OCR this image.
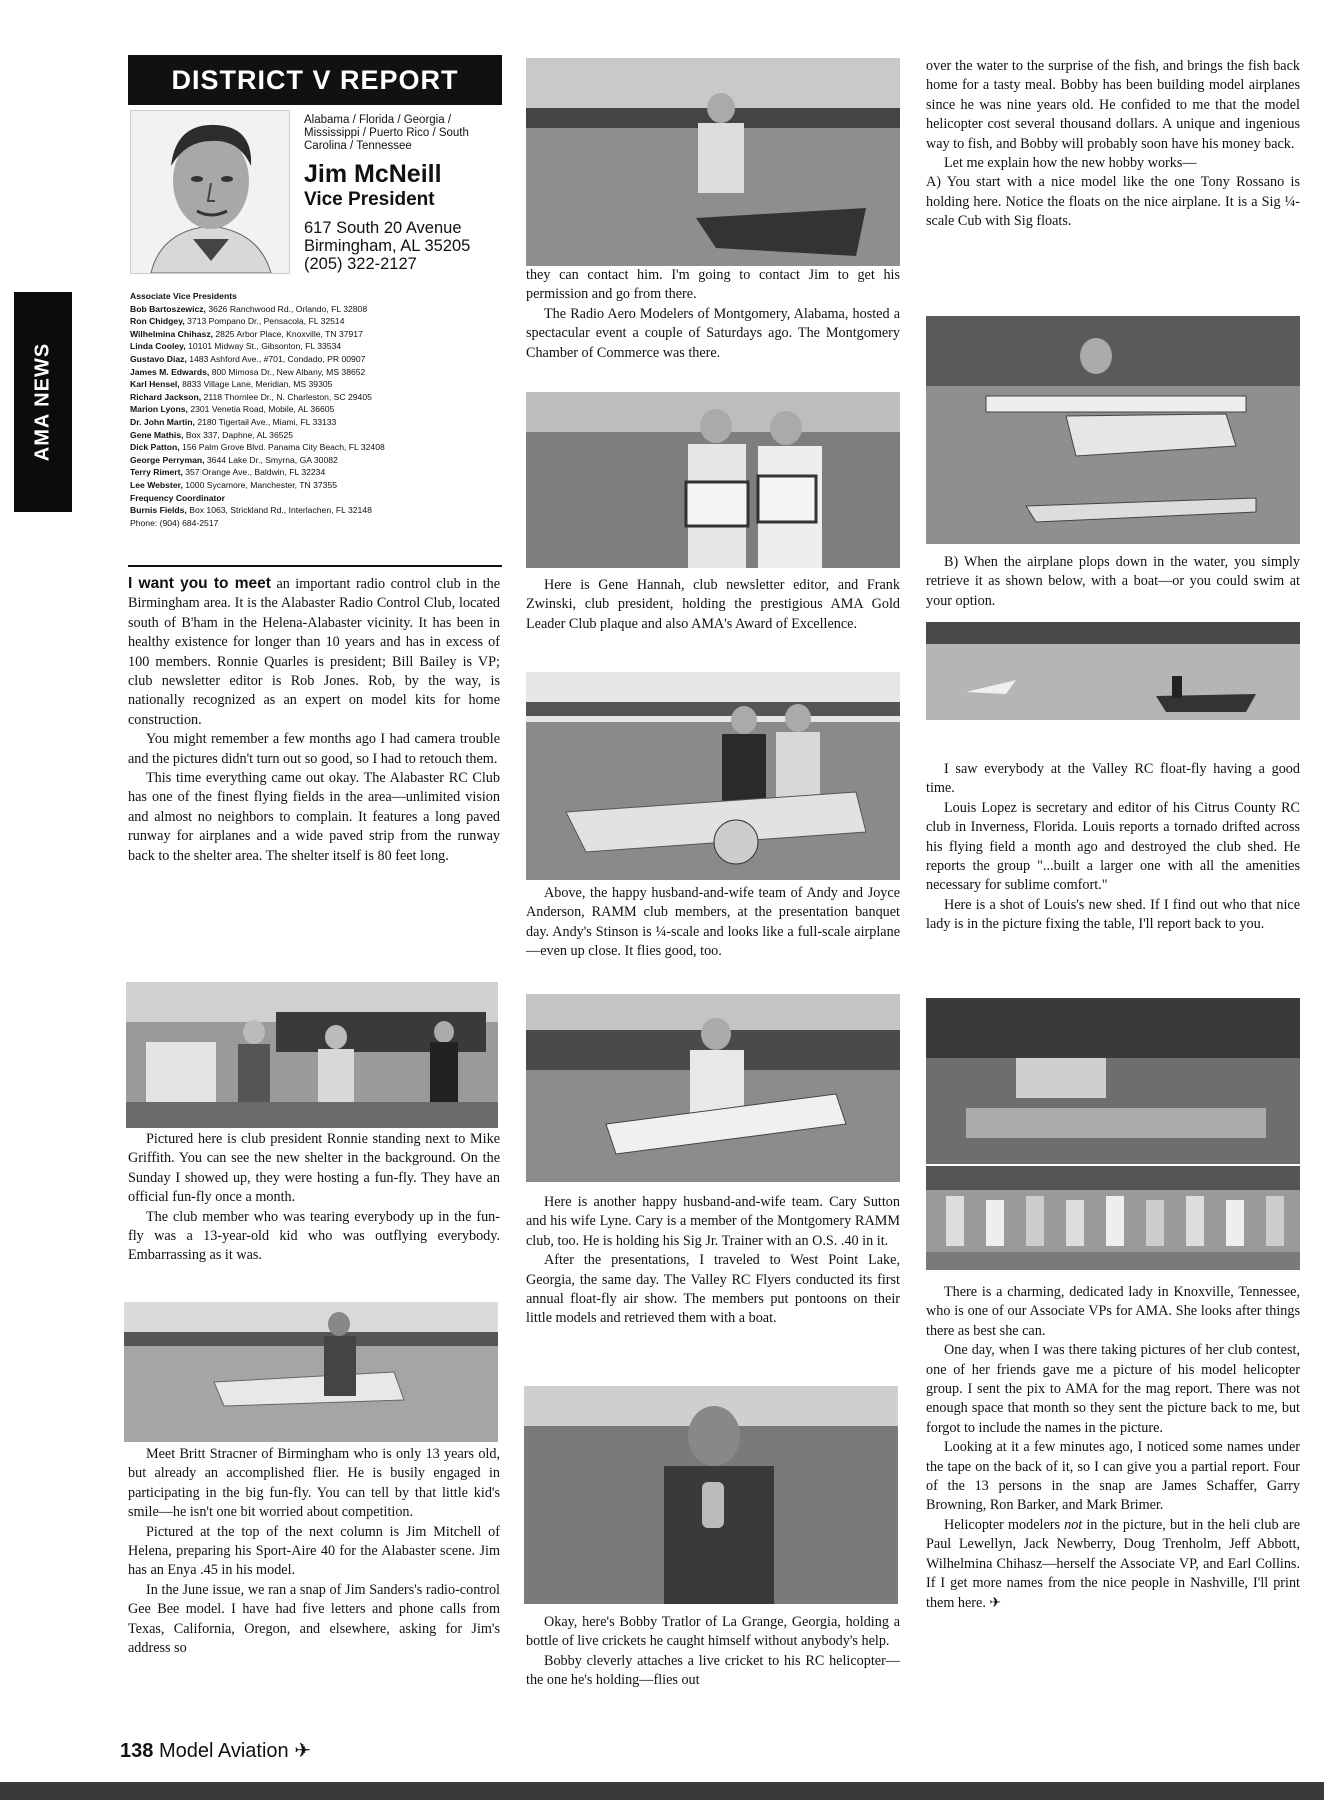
AMA NEWS
DISTRICT V REPORT
Alabama / Florida / Georgia / Mississippi / Puerto Rico / South Carolina / Tennessee
Jim McNeill
Vice President
617 South 20 Avenue
Birmingham, AL 35205
(205) 322-2127
Associate Vice Presidents
Bob Bartoszewicz, 3626 Ranchwood Rd., Orlando, FL 32808
Ron Chidgey, 3713 Pompano Dr., Pensacola, FL 32514
Wilhelmina Chihasz, 2825 Arbor Place, Knoxville, TN 37917
Linda Cooley, 10101 Midway St., Gibsonton, FL 33534
Gustavo Diaz, 1483 Ashford Ave., #701, Condado, PR 00907
James M. Edwards, 800 Mimosa Dr., New Albany, MS 38652
Karl Hensel, 8833 Village Lane, Meridian, MS 39305
Richard Jackson, 2118 Thornlee Dr., N. Charleston, SC 29405
Marion Lyons, 2301 Venetia Road, Mobile, AL 36605
Dr. John Martin, 2180 Tigertail Ave., Miami, FL 33133
Gene Mathis, Box 337, Daphne, AL 36525
Dick Patton, 156 Palm Grove Blvd. Panama City Beach, FL 32408
George Perryman, 3644 Lake Dr., Smyrna, GA 30082
Terry Rimert, 357 Orange Ave., Baldwin, FL 32234
Lee Webster, 1000 Sycamore, Manchester, TN 37355
Frequency Coordinator
Burnis Fields, Box 1063, Strickland Rd., Interlachen, FL 32148
Phone: (904) 684-2517

I want you to meet an important radio control club in the Birmingham area. It is the Alabaster Radio Control Club, located south of B'ham in the Helena-Alabaster vicinity. It has been in healthy existence for longer than 10 years and has in excess of 100 members. Ronnie Quarles is president; Bill Bailey is VP; club newsletter editor is Rob Jones. Rob, by the way, is nationally recognized as an expert on model kits for home construction.

You might remember a few months ago I had camera trouble and the pictures didn't turn out so good, so I had to retouch them.

This time everything came out okay. The Alabaster RC Club has one of the finest flying fields in the area—unlimited vision and almost no neighbors to complain. It features a long paved runway for airplanes and a wide paved strip from the runway back to the shelter area. The shelter itself is 80 feet long.

Pictured here is club president Ronnie standing next to Mike Griffith. You can see the new shelter in the background. On the Sunday I showed up, they were hosting a fun-fly. They have an official fun-fly once a month.

The club member who was tearing everybody up in the fun-fly was a 13-year-old kid who was outflying everybody. Embarrassing as it was.

Meet Britt Stracner of Birmingham who is only 13 years old, but already an accomplished flier. He is busily engaged in participating in the big fun-fly. You can tell by that little kid's smile—he isn't one bit worried about competition.

Pictured at the top of the next column is Jim Mitchell of Helena, preparing his Sport-Aire 40 for the Alabaster scene. Jim has an Enya .45 in his model.

In the June issue, we ran a snap of Jim Sanders's radio-control Gee Bee model. I have had five letters and phone calls from Texas, California, Oregon, and elsewhere, asking for Jim's address so

they can contact him. I'm going to contact Jim to get his permission and go from there.

The Radio Aero Modelers of Montgomery, Alabama, hosted a spectacular event a couple of Saturdays ago. The Montgomery Chamber of Commerce was there.

Here is Gene Hannah, club newsletter editor, and Frank Zwinski, club president, holding the prestigious AMA Gold Leader Club plaque and also AMA's Award of Excellence.

Above, the happy husband-and-wife team of Andy and Joyce Anderson, RAMM club members, at the presentation banquet day. Andy's Stinson is ¼-scale and looks like a full-scale airplane—even up close. It flies good, too.

Here is another happy husband-and-wife team. Cary Sutton and his wife Lyne. Cary is a member of the Montgomery RAMM club, too. He is holding his Sig Jr. Trainer with an O.S. .40 in it.

After the presentations, I traveled to West Point Lake, Georgia, the same day. The Valley RC Flyers conducted its first annual float-fly air show. The members put pontoons on their little models and retrieved them with a boat.

Okay, here's Bobby Tratlor of La Grange, Georgia, holding a bottle of live crickets he caught himself without anybody's help.

Bobby cleverly attaches a live cricket to his RC helicopter—the one he's holding—flies out

over the water to the surprise of the fish, and brings the fish back home for a tasty meal. Bobby has been building model airplanes since he was nine years old. He confided to me that the model helicopter cost several thousand dollars. A unique and ingenious way to fish, and Bobby will probably soon have his money back.

Let me explain how the new hobby works—

A) You start with a nice model like the one Tony Rossano is holding here. Notice the floats on the nice airplane. It is a Sig ¼-scale Cub with Sig floats.

B) When the airplane plops down in the water, you simply retrieve it as shown below, with a boat—or you could swim at your option.

I saw everybody at the Valley RC float-fly having a good time.

Louis Lopez is secretary and editor of his Citrus County RC club in Inverness, Florida. Louis reports a tornado drifted across his flying field a month ago and destroyed the club shed. He reports the group "...built a larger one with all the amenities necessary for sublime comfort."

Here is a shot of Louis's new shed. If I find out who that nice lady is in the picture fixing the table, I'll report back to you.

There is a charming, dedicated lady in Knoxville, Tennessee, who is one of our Associate VPs for AMA. She looks after things there as best she can.

One day, when I was there taking pictures of her club contest, one of her friends gave me a picture of his model helicopter group. I sent the pix to AMA for the mag report. There was not enough space that month so they sent the picture back to me, but forgot to include the names in the picture.

Looking at it a few minutes ago, I noticed some names under the tape on the back of it, so I can give you a partial report. Four of the 13 persons in the snap are James Schaffer, Garry Browning, Ron Barker, and Mark Brimer.

Helicopter modelers not in the picture, but in the heli club are Paul Lewellyn, Jack Newberry, Doug Trenholm, Jeff Abbott, Wilhelmina Chihasz—herself the Associate VP, and Earl Collins. If I get more names from the nice people in Nashville, I'll print them here. ✈

138 Model Aviation ✈
